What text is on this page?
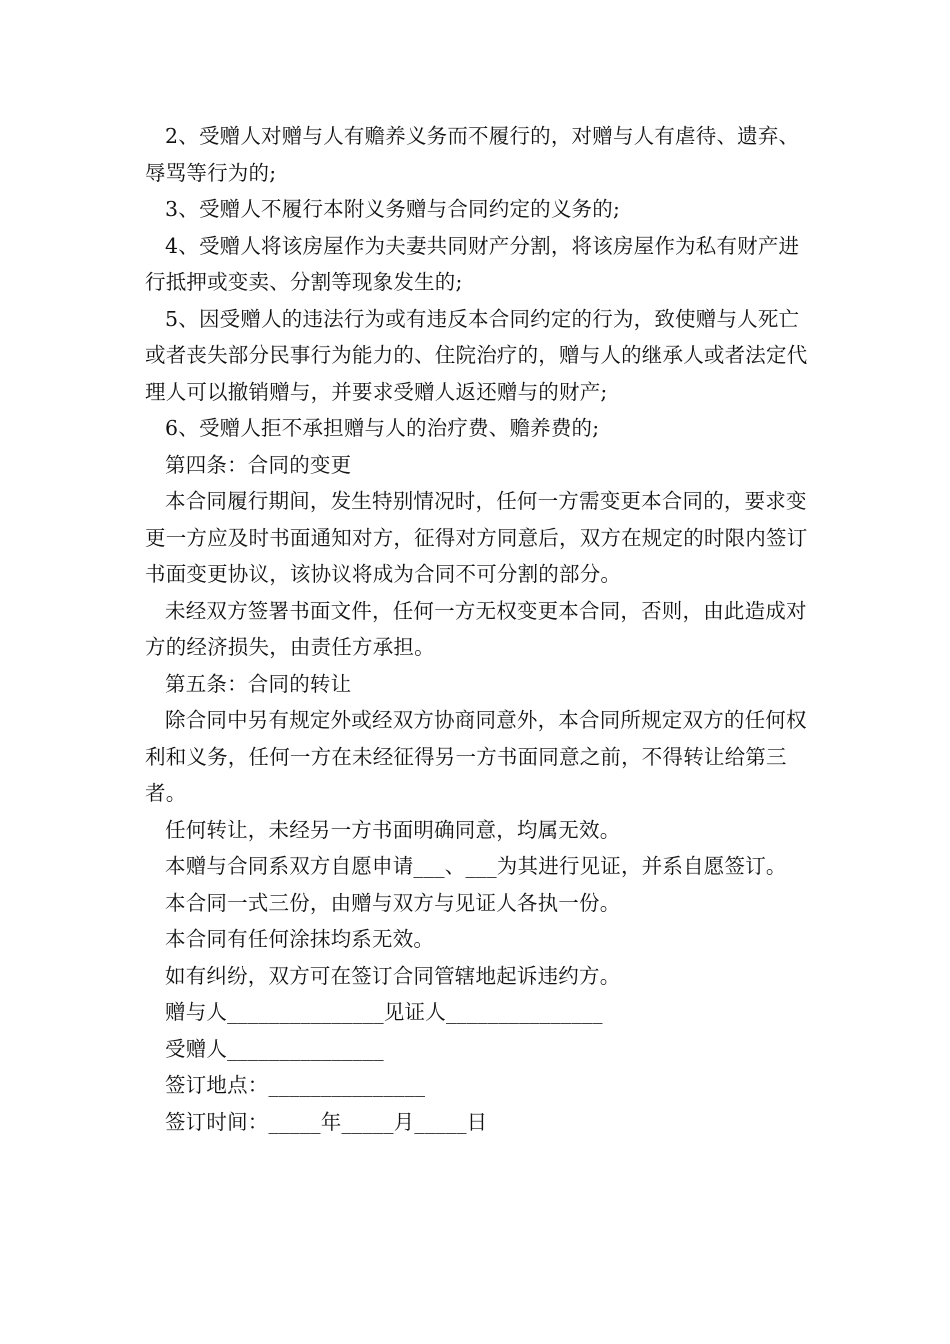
2、受赠人对赠与人有赡养义务而不履行的，对赠与人有虐待、遗弃、辱骂等行为的;

3、受赠人不履行本附义务赠与合同约定的义务的;

4、受赠人将该房屋作为夫妻共同财产分割，将该房屋作为私有财产进行抵押或变卖、分割等现象发生的;

5、因受赠人的违法行为或有违反本合同约定的行为，致使赠与人死亡或者丧失部分民事行为能力的、住院治疗的，赠与人的继承人或者法定代理人可以撤销赠与，并要求受赠人返还赠与的财产;

6、受赠人拒不承担赠与人的治疗费、赡养费的;

第四条：合同的变更

本合同履行期间，发生特别情况时，任何一方需变更本合同的，要求变更一方应及时书面通知对方，征得对方同意后，双方在规定的时限内签订书面变更协议，该协议将成为合同不可分割的部分。

未经双方签署书面文件，任何一方无权变更本合同，否则，由此造成对方的经济损失，由责任方承担。

第五条：合同的转让

除合同中另有规定外或经双方协商同意外，本合同所规定双方的任何权利和义务，任何一方在未经征得另一方书面同意之前，不得转让给第三者。

任何转让，未经另一方书面明确同意，均属无效。

本赠与合同系双方自愿申请___、___为其进行见证，并系自愿签订。

本合同一式三份，由赠与双方与见证人各执一份。

本合同有任何涂抹均系无效。

如有纠纷，双方可在签订合同管辖地起诉违约方。

赠与人_______________见证人_______________

受赠人_______________

签订地点：_______________

签订时间：_____年_____月_____日
